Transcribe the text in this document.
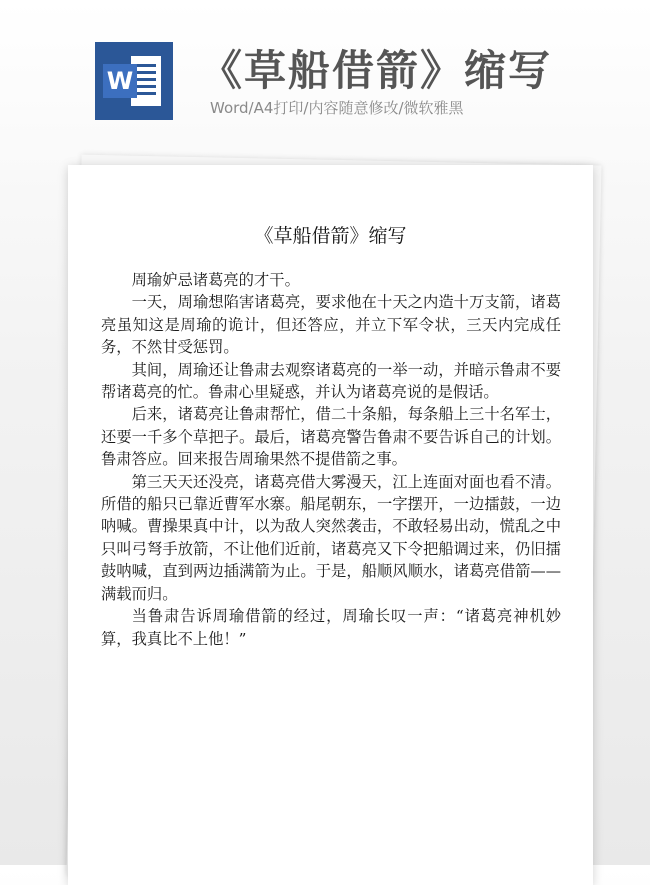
W 《草船借箭》缩写
Word/A4打印/内容随意修改/微软雅黑
《草船借箭》缩写

周瑜妒忌诸葛亮的才干。

一天，周瑜想陷害诸葛亮，要求他在十天之内造十万支箭，诸葛亮虽知这是周瑜的诡计，但还答应，并立下军令状，三天内完成任务，不然甘受惩罚。

其间，周瑜还让鲁肃去观察诸葛亮的一举一动，并暗示鲁肃不要帮诸葛亮的忙。鲁肃心里疑惑，并认为诸葛亮说的是假话。

后来，诸葛亮让鲁肃帮忙，借二十条船，每条船上三十名军士，还要一千多个草把子。最后，诸葛亮警告鲁肃不要告诉自己的计划。鲁肃答应。回来报告周瑜果然不提借箭之事。

第三天天还没亮，诸葛亮借大雾漫天，江上连面对面也看不清。所借的船只已靠近曹军水寨。船尾朝东，一字摆开，一边擂鼓，一边呐喊。曹操果真中计，以为敌人突然袭击，不敢轻易出动，慌乱之中只叫弓弩手放箭，不让他们近前，诸葛亮又下令把船调过来，仍旧擂鼓呐喊，直到两边插满箭为止。于是，船顺风顺水，诸葛亮借箭——满载而归。

当鲁肃告诉周瑜借箭的经过，周瑜长叹一声：“诸葛亮神机妙算，我真比不上他！”
